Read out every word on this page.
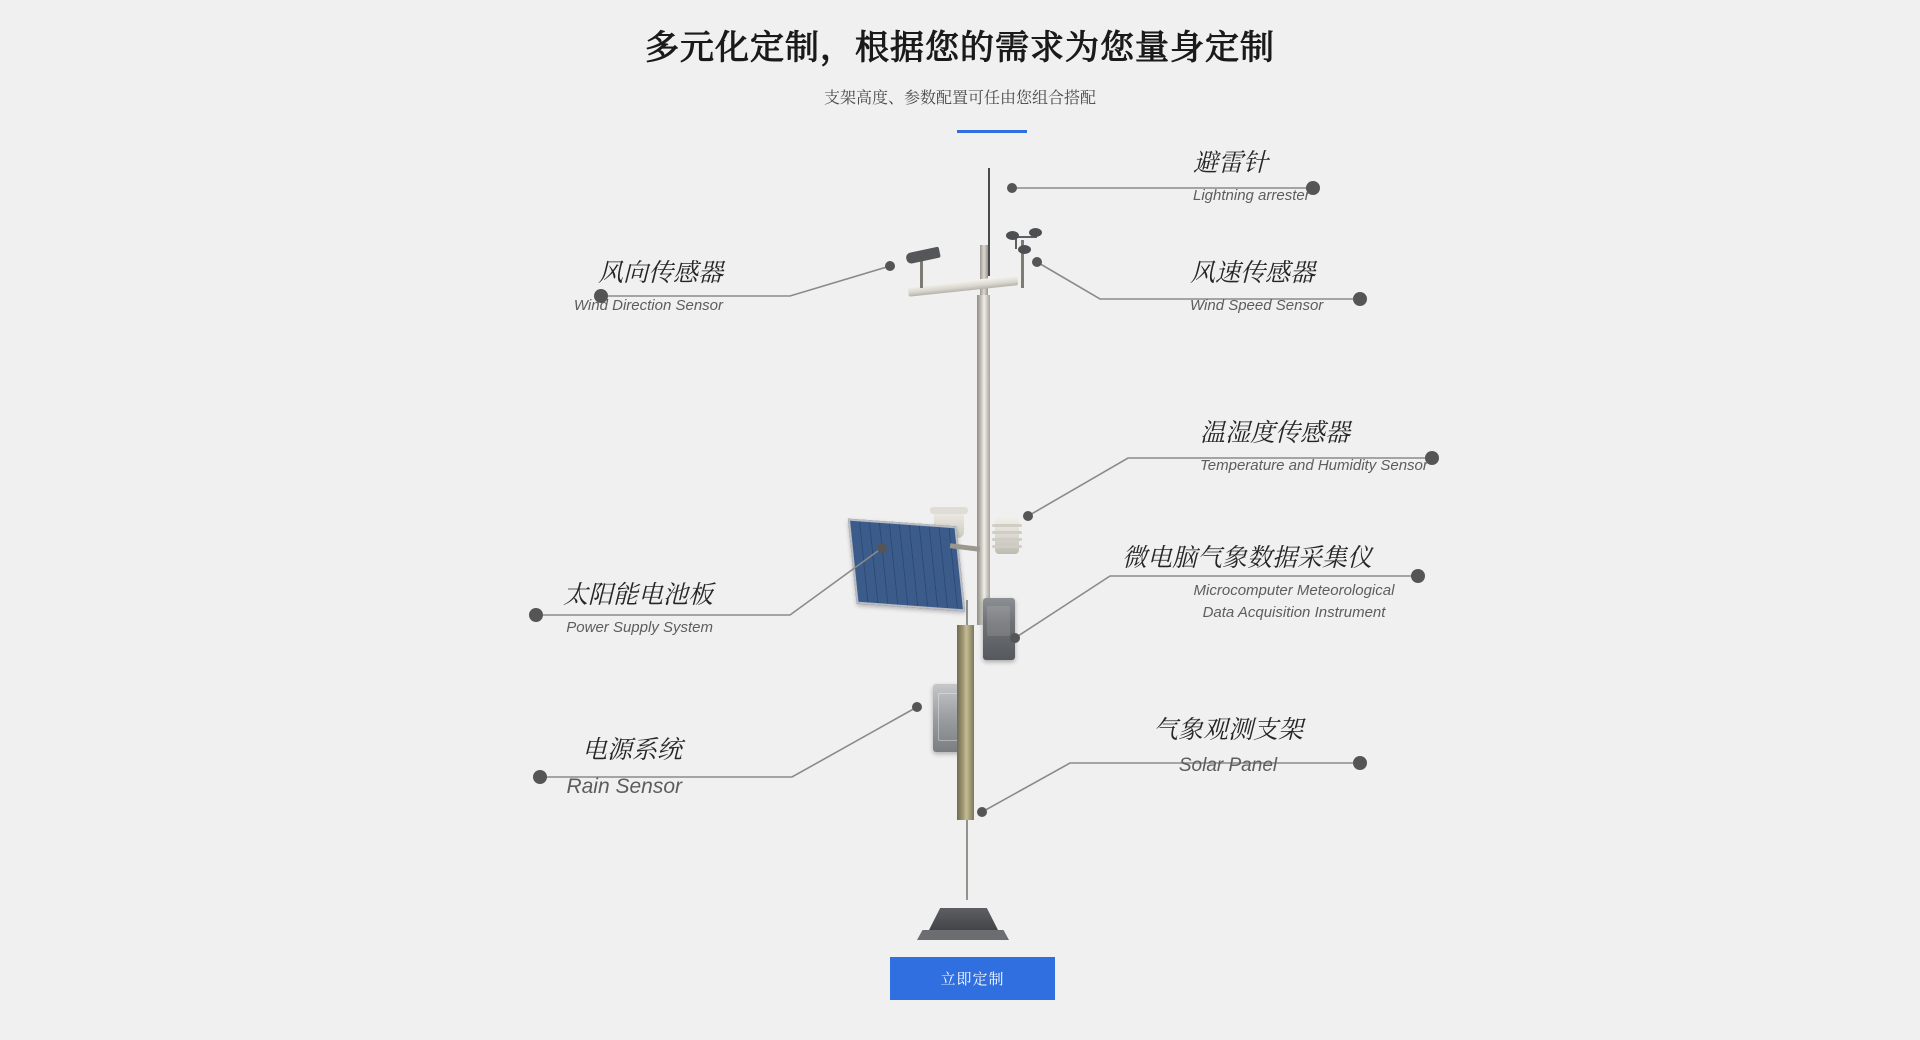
多元化定制，根据您的需求为您量身定制
支架高度、参数配置可任由您组合搭配
避雷针
Lightning arrester
风向传感器
Wind Direction Sensor
风速传感器
Wind Speed Sensor
温湿度传感器
Temperature and Humidity Sensor
微电脑气象数据采集仪
Microcomputer Meteorological Data Acquisition Instrument
太阳能电池板
Power Supply System
电源系统
Rain Sensor
气象观测支架
Solar Panel
立即定制
